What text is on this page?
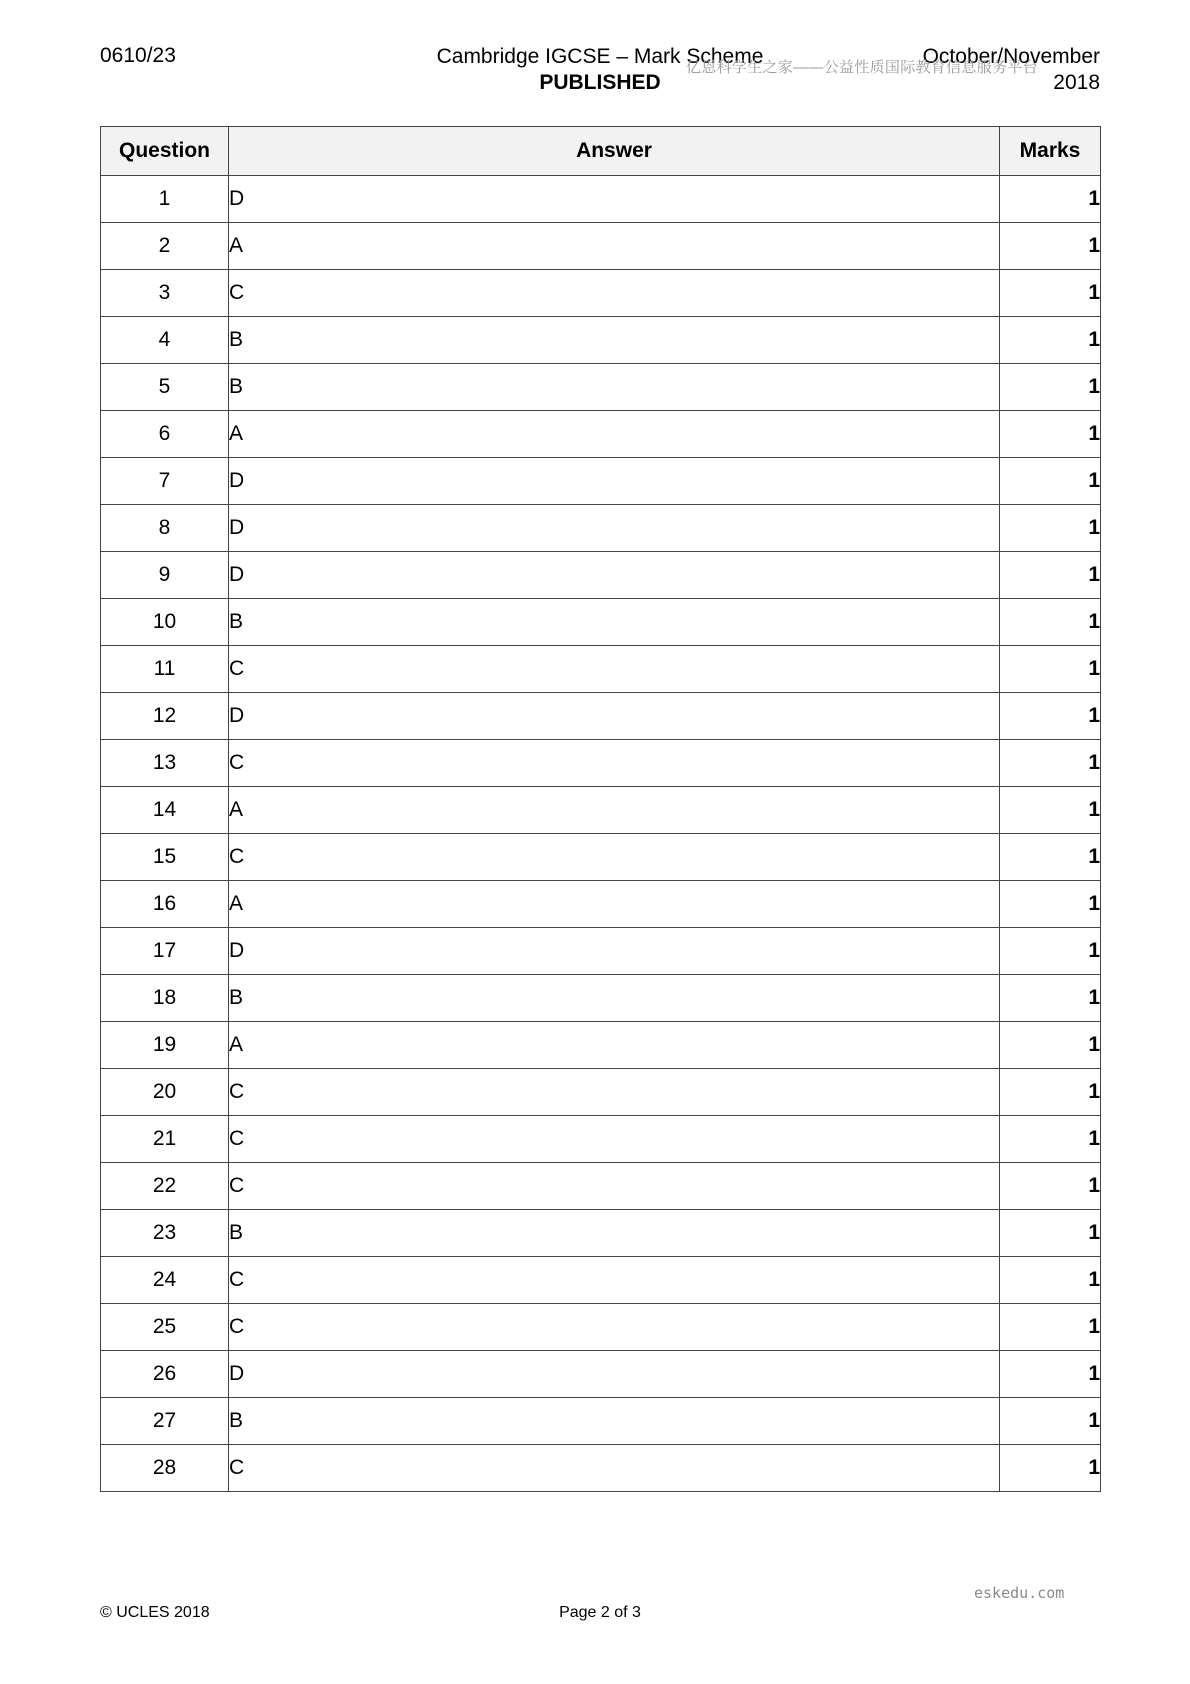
0610/23	Cambridge IGCSE – Mark Scheme
PUBLISHED
October/November
2018
亿恩科学生之家——公益性质国际教育信息服务平台
Question	Answer	Marks
1	D	1
2	A	1
3	C	1
4	B	1
5	B	1
6	A	1
7	D	1
8	D	1
9	D	1
10	B	1
11	C	1
12	D	1
13	C	1
14	A	1
15	C	1
16	A	1
17	D	1
18	B	1
19	A	1
20	C	1
21	C	1
22	C	1
23	B	1
24	C	1
25	C	1
26	D	1
27	B	1
28	C	1
© UCLES 2018	Page 2 of 3
eskedu.com
